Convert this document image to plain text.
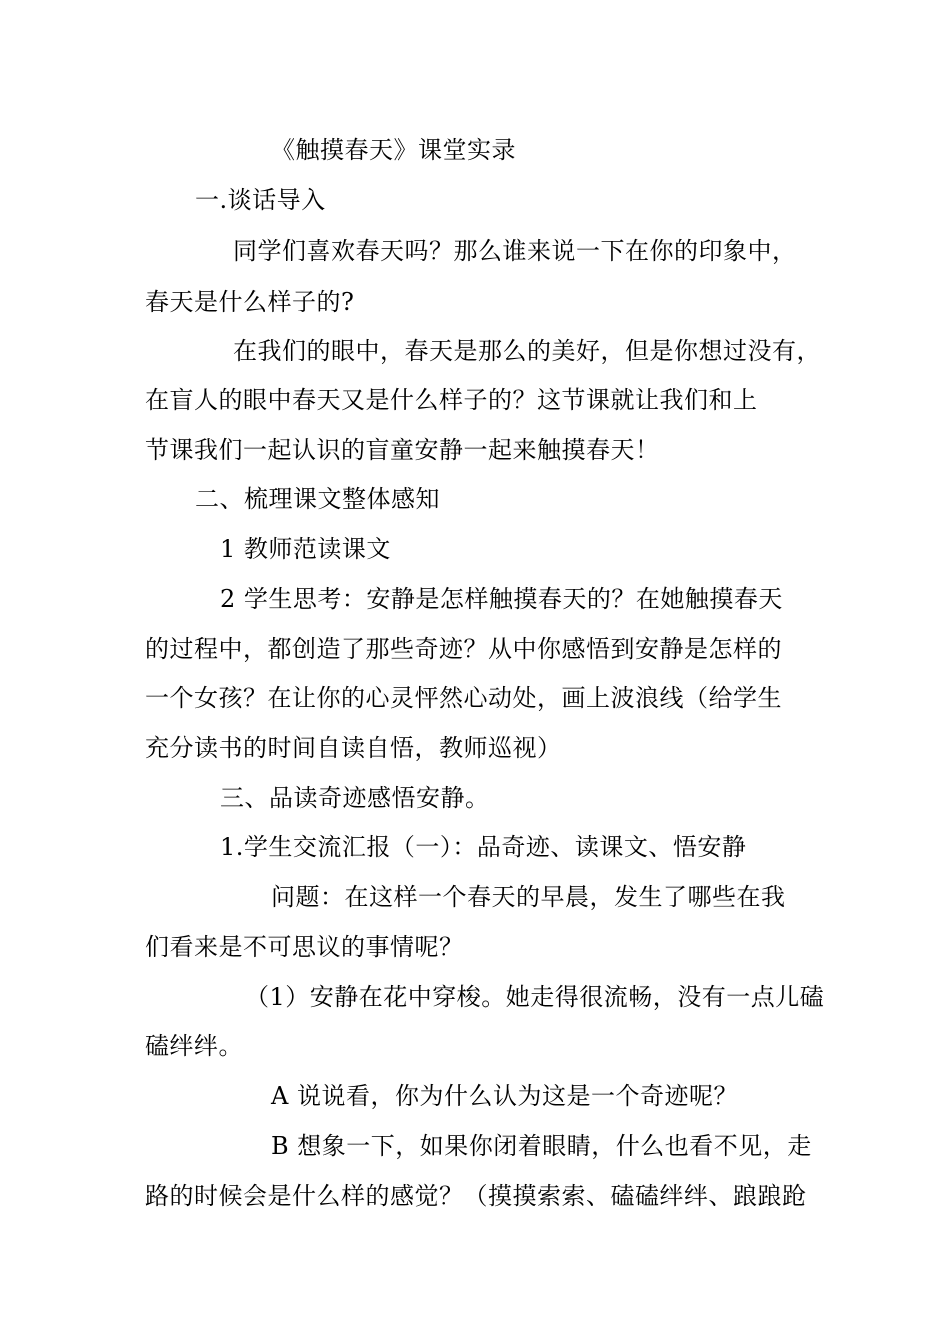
《触摸春天》课堂实录
一.谈话导入
同学们喜欢春天吗？那么谁来说一下在你的印象中，
春天是什么样子的?
在我们的眼中，春天是那么的美好，但是你想过没有，
在盲人的眼中春天又是什么样子的？这节课就让我们和上
节课我们一起认识的盲童安静一起来触摸春天！
二、梳理课文整体感知
1 教师范读课文
2 学生思考：安静是怎样触摸春天的？在她触摸春天
的过程中，都创造了那些奇迹？从中你感悟到安静是怎样的
一个女孩？在让你的心灵怦然心动处，画上波浪线（给学生
充分读书的时间自读自悟，教师巡视）
三、品读奇迹感悟安静。
1.学生交流汇报（一）：品奇迹、读课文、悟安静
问题：在这样一个春天的早晨，发生了哪些在我
们看来是不可思议的事情呢？
（1）安静在花中穿梭。她走得很流畅，没有一点儿磕
磕绊绊。
A 说说看，你为什么认为这是一个奇迹呢？
B 想象一下，如果你闭着眼睛，什么也看不见，走
路的时候会是什么样的感觉？（摸摸索索、磕磕绊绊、踉踉跄
